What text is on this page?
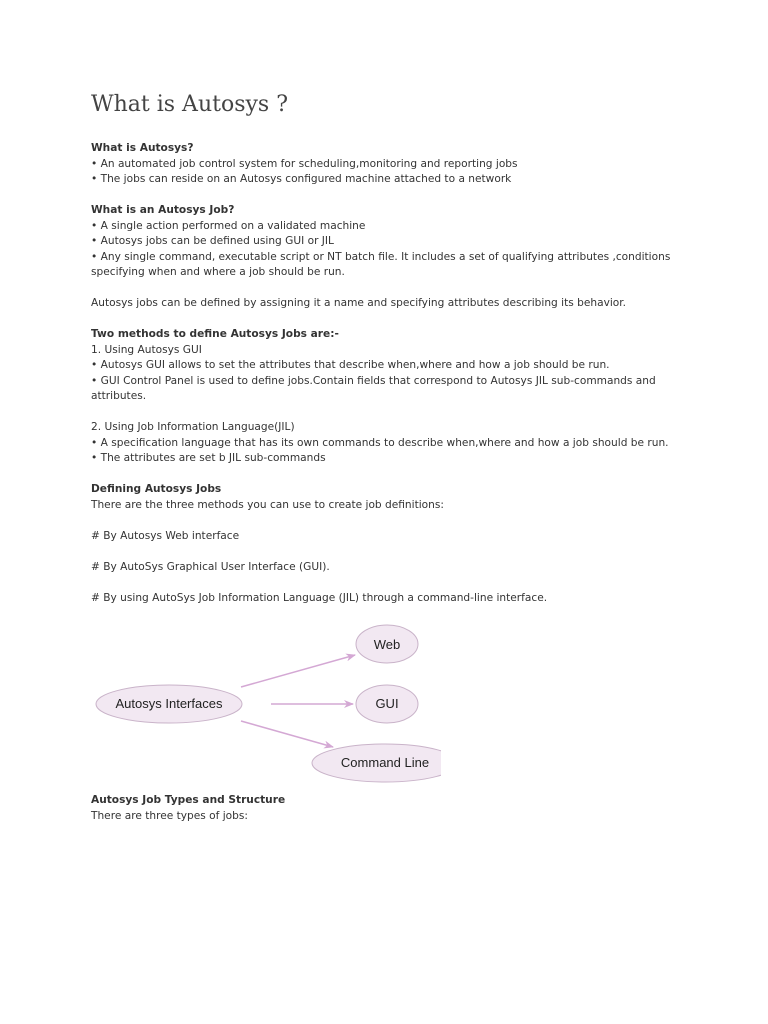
What is Autosys ?
What is Autosys?
• An automated job control system for scheduling,monitoring and reporting jobs
• The jobs can reside on an Autosys configured machine attached to a network
What is an Autosys Job?
• A single action performed on a validated machine
• Autosys jobs can be defined using GUI or JIL
• Any single command, executable script or NT batch file. It includes a set of qualifying attributes ,conditions specifying when and where a job should be run.
Autosys jobs can be defined by assigning it a name and specifying attributes describing its behavior.
Two methods to define Autosys Jobs are:-
1. Using Autosys GUI
• Autosys GUI allows to set the attributes that describe when,where and how a job should be run.
• GUI Control Panel is used to define jobs.Contain fields that correspond to Autosys JIL sub-commands and attributes.
2. Using Job Information Language(JIL)
• A specification language that has its own commands to describe when,where and how a job should be run.
• The attributes are set b JIL sub-commands
Defining Autosys Jobs
There are the three methods you can use to create job definitions:
# By Autosys Web interface
# By AutoSys Graphical User Interface (GUI).
# By using AutoSys Job Information Language (JIL) through a command-line interface.
Autosys Interfaces
Web
GUI
Command Line
Autosys Job Types and Structure
There are three types of jobs:
